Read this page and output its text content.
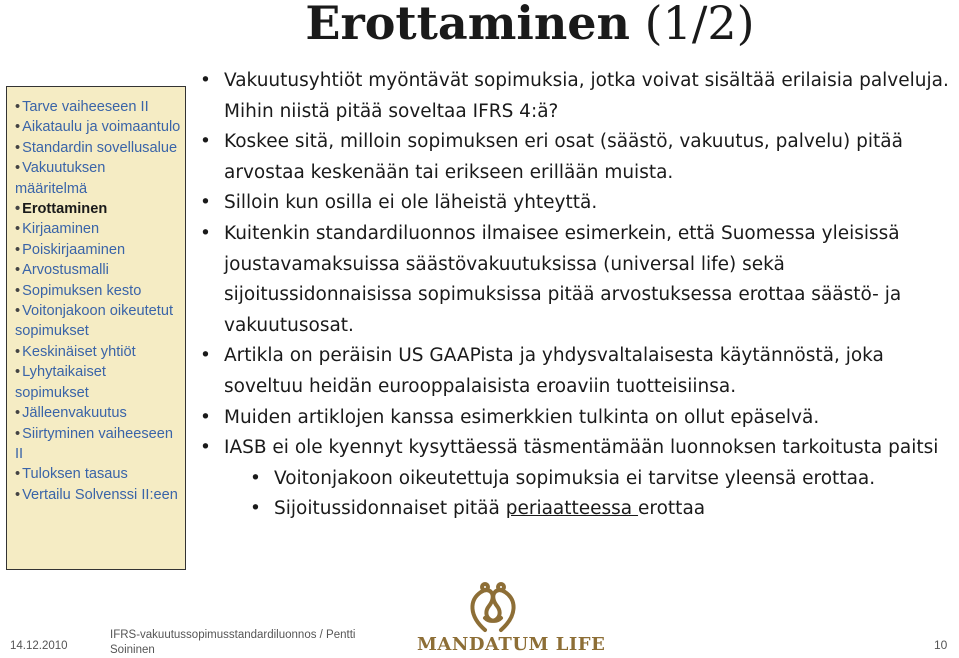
Erottaminen (1/2)
• Tarve vaiheeseen II
• Aikataulu ja voimaantulo
• Standardin sovellusalue
• Vakuutuksen määritelmä
• Erottaminen
• Kirjaaminen
• Poiskirjaaminen
• Arvostusmalli
• Sopimuksen kesto
• Voitonjakoon oikeutetut sopimukset
• Keskinäiset yhtiöt
• Lyhytaikaiset sopimukset
• Jälleenvakuutus
• Siirtyminen vaiheeseen II
• Tuloksen tasaus
• Vertailu Solvenssi II:een

• Vakuutusyhtiöt myöntävät sopimuksia, jotka voivat sisältää erilaisia palveluja. Mihin niistä pitää soveltaa IFRS 4:ä?

• Koskee sitä, milloin sopimuksen eri osat (säästö, vakuutus, palvelu) pitää arvostaa keskenään tai erikseen erillään muista.

• Silloin kun osilla ei ole läheistä yhteyttä.

• Kuitenkin standardiluonnos ilmaisee esimerkein, että Suomessa yleisissä joustavamaksuissa säästövakuutuksissa (universal life) sekä sijoitussidonnaisissa sopimuksissa pitää arvostuksessa erottaa säästö- ja vakuutusosat.

• Artikla on peräisin US GAAPista ja yhdysvaltalaisesta käytännöstä, joka soveltuu heidän eurooppalaisista eroaviin tuotteisiinsa.

• Muiden artiklojen kanssa esimerkkien tulkinta on ollut epäselvä.

• IASB ei ole kyennyt kysyttäessä täsmentämään luonnoksen tarkoitusta paitsi

• Voitonjakoon oikeutettuja sopimuksia ei tarvitse yleensä erottaa.

• Sijoitussidonnaiset pitää periaatteessa erottaa

MANDATUM LIFE
14.12.2010
IFRS-vakuutussopimusstandardiluonnos / Pentti Soininen	10
